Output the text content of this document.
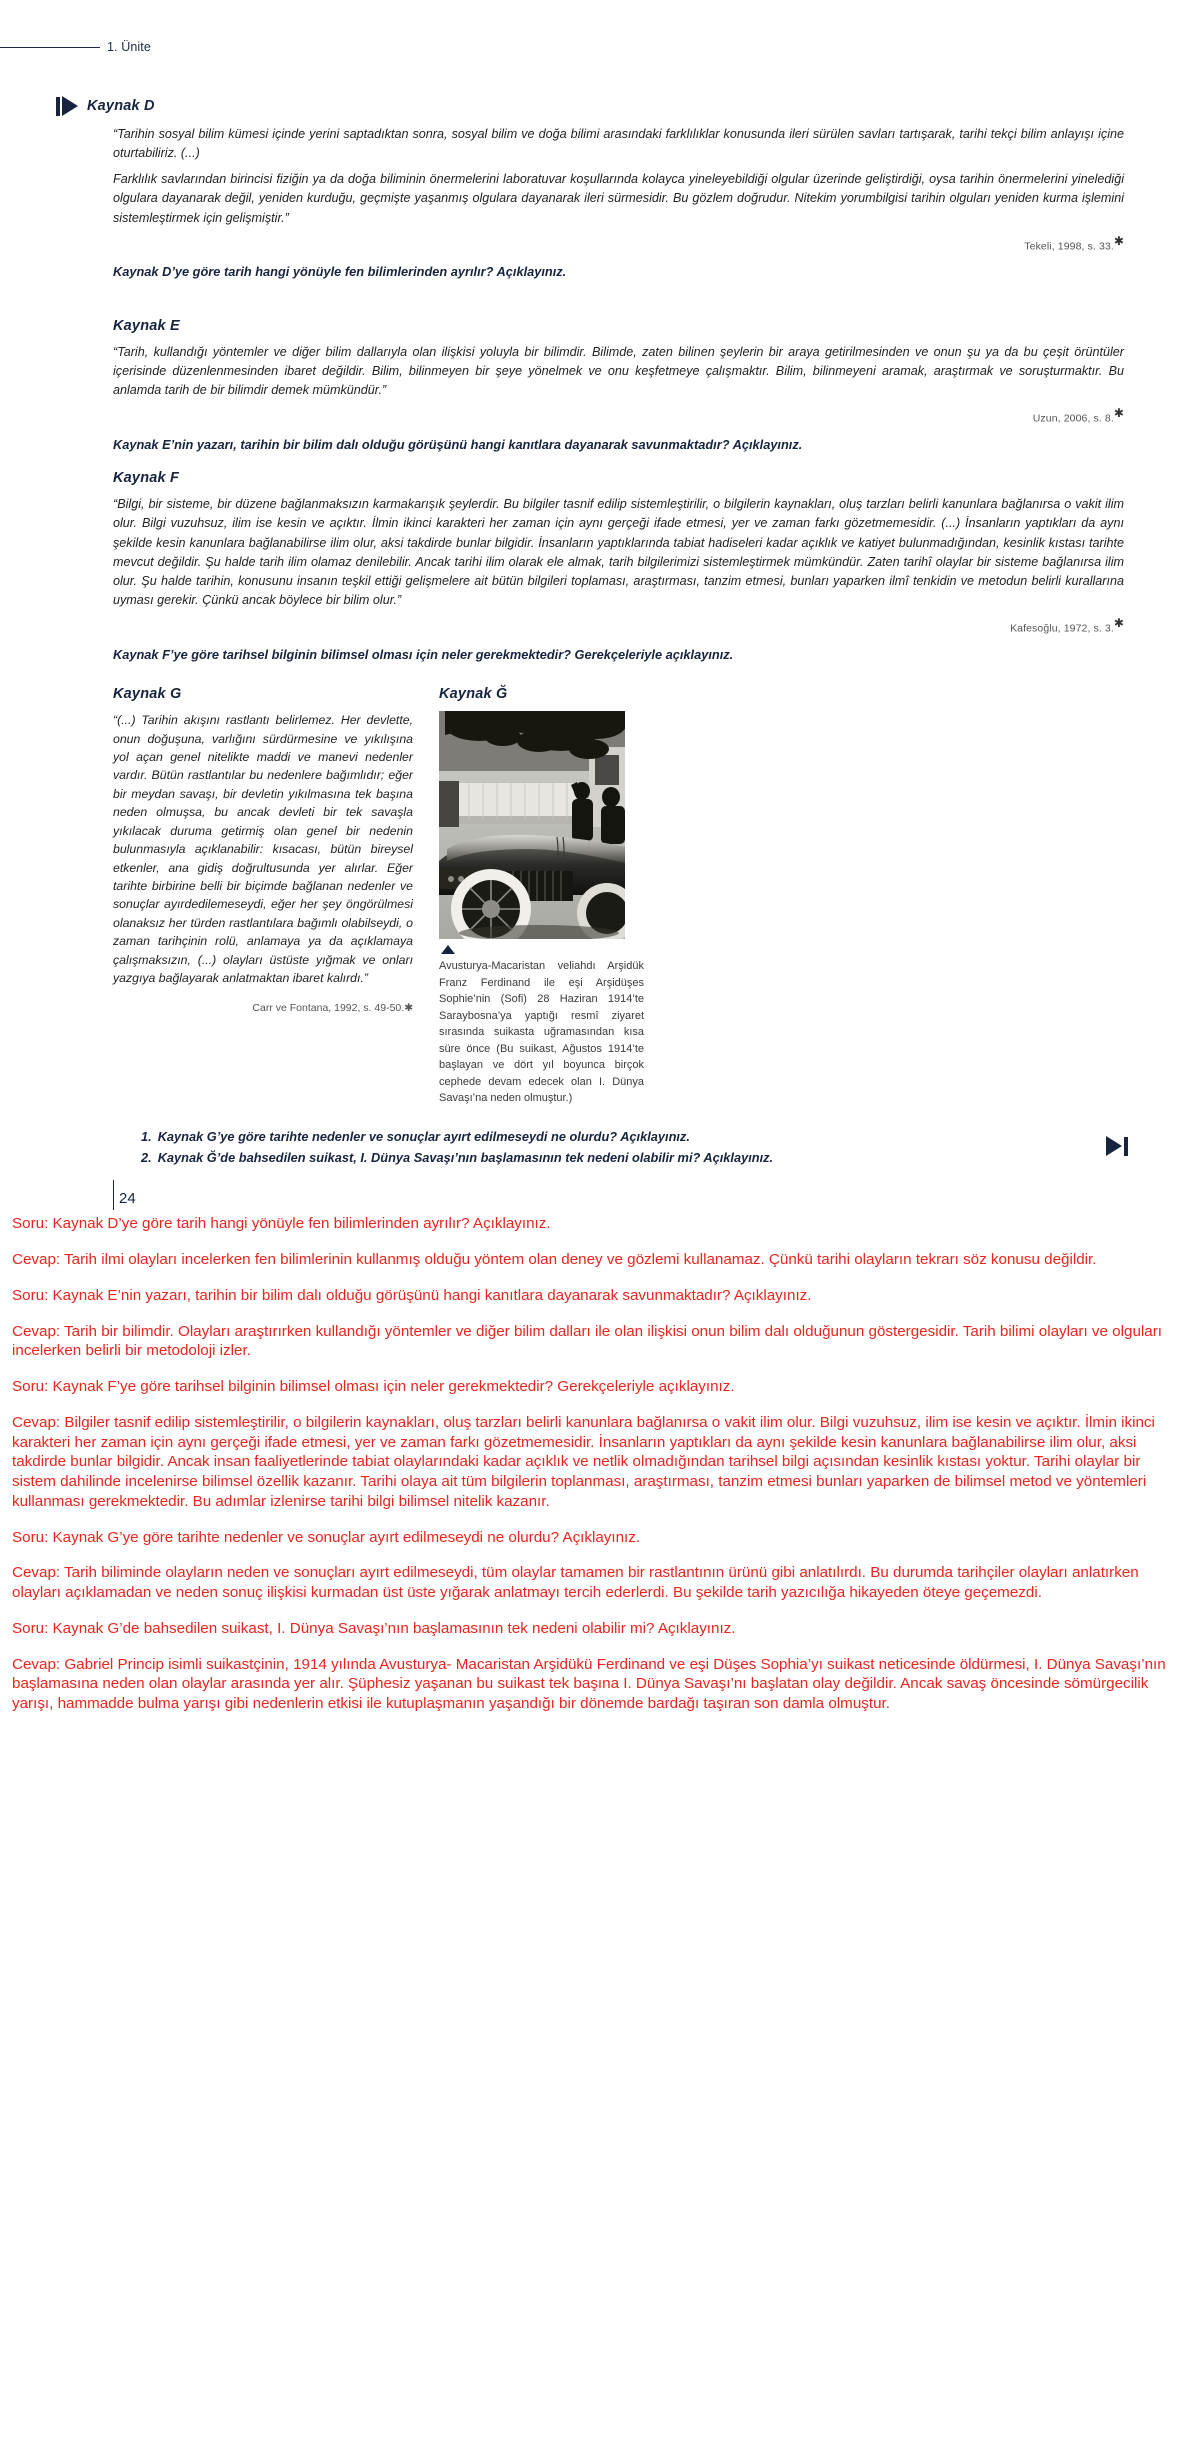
1. Ünite
Kaynak D

“Tarihin sosyal bilim kümesi içinde yerini saptadıktan sonra, sosyal bilim ve doğa bilimi arasındaki farklılıklar konusunda ileri sürülen savları tartışarak, tarihi tekçi bilim anlayışı içine oturtabiliriz. (...)

Farklılık savlarından birincisi fiziğin ya da doğa biliminin önermelerini laboratuvar koşullarında kolayca yineleyebildiği olgular üzerinde geliştirdiği, oysa tarihin önermelerini yinelediği olgulara dayanarak değil, yeniden kurduğu, geçmişte yaşanmış olgulara dayanarak ileri sürmesidir. Bu gözlem doğrudur. Nitekim yorumbilgisi tarihin olguları yeniden kurma işlemini sistemleştirmek için gelişmiştir.”

Tekeli, 1998, s. 33.✱
Kaynak D’ye göre tarih hangi yönüyle fen bilimlerinden ayrılır? Açıklayınız.
Kaynak E

“Tarih, kullandığı yöntemler ve diğer bilim dallarıyla olan ilişkisi yoluyla bir bilimdir. Bilimde, zaten bilinen şeylerin bir araya getirilmesinden ve onun şu ya da bu çeşit örüntüler içerisinde düzenlenmesinden ibaret değildir. Bilim, bilinmeyen bir şeye yönelmek ve onu keşfetmeye çalışmaktır. Bilim, bilinmeyeni aramak, araştırmak ve soruşturmaktır. Bu anlamda tarih de bir bilimdir demek mümkündür.”

Uzun, 2006, s. 8.✱
Kaynak E’nin yazarı, tarihin bir bilim dalı olduğu görüşünü hangi kanıtlara dayanarak savunmaktadır? Açıklayınız.
Kaynak F

“Bilgi, bir sisteme, bir düzene bağlanmaksızın karmakarışık şeylerdir. Bu bilgiler tasnif edilip sistemleştirilir, o bilgilerin kaynakları, oluş tarzları belirli kanunlara bağlanırsa o vakit ilim olur. Bilgi vuzuhsuz, ilim ise kesin ve açıktır. İlmin ikinci karakteri her zaman için aynı gerçeği ifade etmesi, yer ve zaman farkı gözetmemesidir. (...) İnsanların yaptıkları da aynı şekilde kesin kanunlara bağlanabilirse ilim olur, aksi takdirde bunlar bilgidir. İnsanların yaptıklarında tabiat hadiseleri kadar açıklık ve katiyet bulunmadığından, kesinlik kıstası tarihte mevcut değildir. Şu halde tarih ilim olamaz denilebilir. Ancak tarihi ilim olarak ele almak, tarih bilgilerimizi sistemleştirmek mümkündür. Zaten tarihî olaylar bir sisteme bağlanırsa ilim olur. Şu halde tarihin, konusunu insanın teşkil ettiği gelişmelere ait bütün bilgileri toplaması, araştırması, tanzim etmesi, bunları yaparken ilmî tenkidin ve metodun belirli kurallarına uyması gerekir. Çünkü ancak böylece bir bilim olur.”

Kafesoğlu, 1972, s. 3.✱
Kaynak F’ye göre tarihsel bilginin bilimsel olması için neler gerekmektedir? Gerekçeleriyle açıklayınız.
Kaynak G

“(...) Tarihin akışını rastlantı belirlemez. Her devlette, onun doğuşuna, varlığını sürdürmesine ve yıkılışına yol açan genel nitelikte maddi ve manevi nedenler vardır. Bütün rastlantılar bu nedenlere bağımlıdır; eğer bir meydan savaşı, bir devletin yıkılmasına tek başına neden olmuşsa, bu ancak devleti bir tek savaşla yıkılacak duruma getirmiş olan genel bir nedenin bulunmasıyla açıklanabilir: kısacası, bütün bireysel etkenler, ana gidiş doğrultusunda yer alırlar. Eğer tarihte birbirine belli bir biçimde bağlanan nedenler ve sonuçlar ayırdedilemeseydi, eğer her şey öngörülmesi olanaksız her türden rastlantılara bağımlı olabilseydi, o zaman tarihçinin rolü, anlamaya ya da açıklamaya çalışmaksızın, (...) olayları üstüste yığmak ve onları yazgıya bağlayarak anlatmaktan ibaret kalırdı.”

Carr ve Fontana, 1992, s. 49-50.✱
Kaynak Ğ
Avusturya-Macaristan veliahdı Arşidük Franz Ferdinand ile eşi Arşidüşes Sophie’nin (Sofi) 28 Haziran 1914’te Saraybosna’ya yaptığı resmî ziyaret sırasında suikasta uğramasından kısa süre önce (Bu suikast, Ağustos 1914’te başlayan ve dört yıl boyunca birçok cephede devam edecek olan I. Dünya Savaşı’na neden olmuştur.)
1. Kaynak G’ye göre tarihte nedenler ve sonuçlar ayırt edilmeseydi ne olurdu? Açıklayınız.
2. Kaynak Ğ’de bahsedilen suikast, I. Dünya Savaşı’nın başlamasının tek nedeni olabilir mi? Açıklayınız.
24
Soru: Kaynak D’ye göre tarih hangi yönüyle fen bilimlerinden ayrılır? Açıklayınız.
Cevap: Tarih ilmi olayları incelerken fen bilimlerinin kullanmış olduğu yöntem olan deney ve gözlemi kullanamaz. Çünkü tarihi olayların tekrarı söz konusu değildir.
Soru: Kaynak E’nin yazarı, tarihin bir bilim dalı olduğu görüşünü hangi kanıtlara dayanarak savunmaktadır? Açıklayınız.
Cevap: Tarih bir bilimdir. Olayları araştırırken kullandığı yöntemler ve diğer bilim dalları ile olan ilişkisi onun bilim dalı olduğunun göstergesidir. Tarih bilimi olayları ve olguları incelerken belirli bir metodoloji izler.
Soru: Kaynak F’ye göre tarihsel bilginin bilimsel olması için neler gerekmektedir? Gerekçeleriyle açıklayınız.
Cevap: Bilgiler tasnif edilip sistemleştirilir, o bilgilerin kaynakları, oluş tarzları belirli kanunlara bağlanırsa o vakit ilim olur. Bilgi vuzuhsuz, ilim ise kesin ve açıktır. İlmin ikinci karakteri her zaman için aynı gerçeği ifade etmesi, yer ve zaman farkı gözetmemesidir. İnsanların yaptıkları da aynı şekilde kesin kanunlara bağlanabilirse ilim olur, aksi takdirde bunlar bilgidir. Ancak insan faaliyetlerinde tabiat olaylarındaki kadar açıklık ve netlik olmadığından tarihsel bilgi açısından kesinlik kıstası yoktur. Tarihi olaylar bir sistem dahilinde incelenirse bilimsel özellik kazanır. Tarihi olaya ait tüm bilgilerin toplanması, araştırması, tanzim etmesi bunları yaparken de bilimsel metod ve yöntemleri kullanması gerekmektedir. Bu adımlar izlenirse tarihi bilgi bilimsel nitelik kazanır.
Soru: Kaynak G’ye göre tarihte nedenler ve sonuçlar ayırt edilmeseydi ne olurdu? Açıklayınız.
Cevap: Tarih biliminde olayların neden ve sonuçları ayırt edilmeseydi, tüm olaylar tamamen bir rastlantının ürünü gibi anlatılırdı. Bu durumda tarihçiler olayları anlatırken olayları açıklamadan ve neden sonuç ilişkisi kurmadan üst üste yığarak anlatmayı tercih ederlerdi. Bu şekilde tarih yazıcılığa hikayeden öteye geçemezdi.
Soru: Kaynak G’de bahsedilen suikast, I. Dünya Savaşı’nın başlamasının tek nedeni olabilir mi? Açıklayınız.
Cevap: Gabriel Princip isimli suikastçinin, 1914 yılında Avusturya- Macaristan Arşidükü Ferdinand ve eşi Düşes Sophia’yı suikast neticesinde öldürmesi, I. Dünya Savaşı’nın başlamasına neden olan olaylar arasında yer alır. Şüphesiz yaşanan bu suikast tek başına I. Dünya Savaşı’nı başlatan olay değildir. Ancak savaş öncesinde sömürgecilik yarışı, hammadde bulma yarışı gibi nedenlerin etkisi ile kutuplaşmanın yaşandığı bir dönemde bardağı taşıran son damla olmuştur.
